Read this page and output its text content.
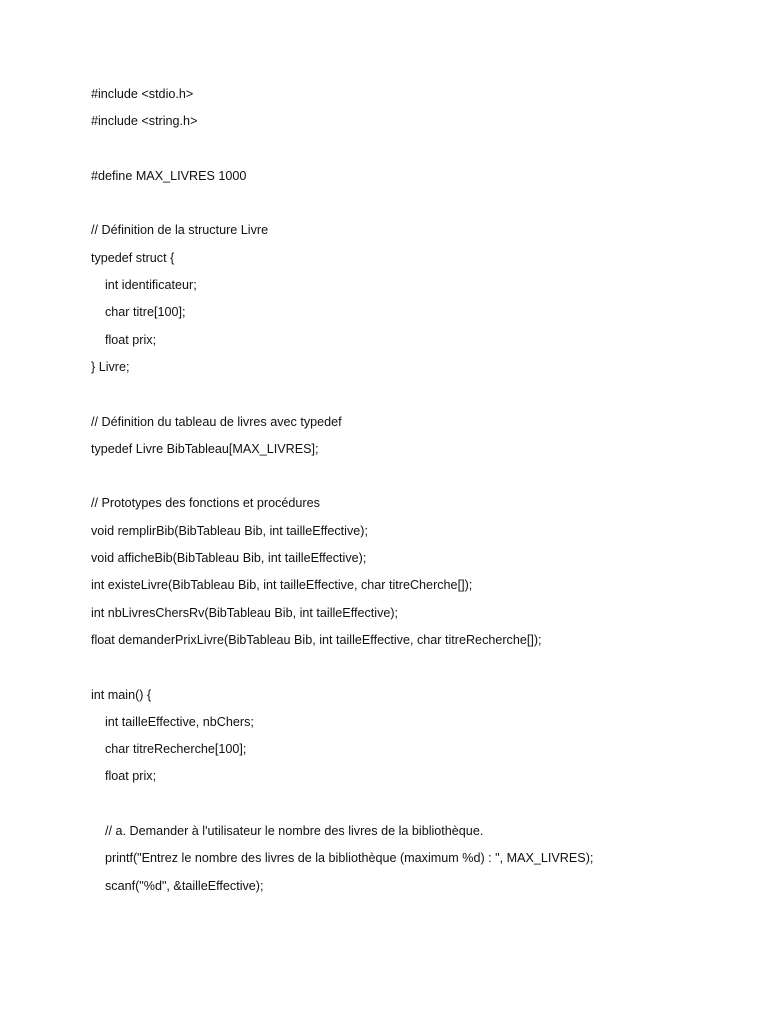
#include <stdio.h>
#include <string.h>
#define MAX_LIVRES 1000
// Définition de la structure Livre
typedef struct {
int identificateur;
char titre[100];
float prix;
} Livre;
// Définition du tableau de livres avec typedef
typedef Livre BibTableau[MAX_LIVRES];
// Prototypes des fonctions et procédures
void remplirBib(BibTableau Bib, int tailleEffective);
void afficheBib(BibTableau Bib, int tailleEffective);
int existeLivre(BibTableau Bib, int tailleEffective, char titreCherche[]);
int nbLivresChersRv(BibTableau Bib, int tailleEffective);
float demanderPrixLivre(BibTableau Bib, int tailleEffective, char titreRecherche[]);
int main() {
int tailleEffective, nbChers;
char titreRecherche[100];
float prix;
// a. Demander à l'utilisateur le nombre des livres de la bibliothèque.
printf("Entrez le nombre des livres de la bibliothèque (maximum %d) : ", MAX_LIVRES);
scanf("%d", &tailleEffective);
